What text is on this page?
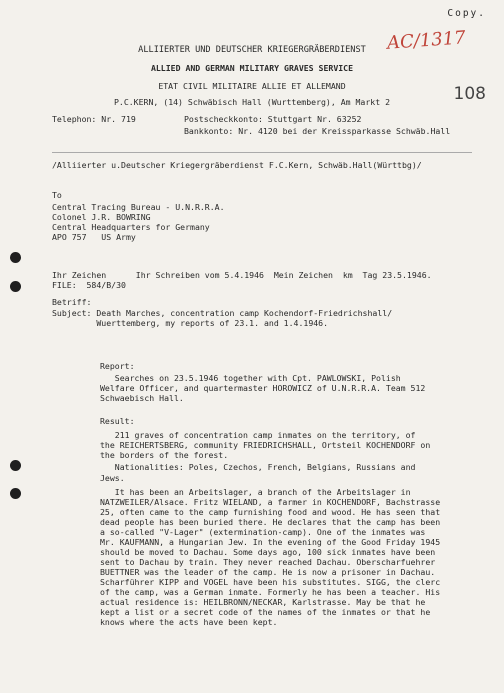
Copy.
AC/1317
108
ALLIIERTER UND DEUTSCHER KRIEGERGRÄBERDIENST
ALLIED AND GERMAN MILITARY GRAVES SERVICE
ETAT CIVIL MILITAIRE ALLIE ET ALLEMAND
P.C.KERN, (14) Schwäbisch Hall (Wurttemberg), Am Markt 2
Telephon: Nr. 719	Postscheckkonto: Stuttgart Nr. 63252
Bankkonto: Nr. 4120 bei der Kreissparkasse Schwäb.Hall
/Alliierter u.Deutscher Kriegergräberdienst F.C.Kern, Schwäb.Hall(Württbg)/
To
Central Tracing Bureau - U.N.R.R.A.
Colonel J.R. BOWRING
Central Headquarters for Germany
APO 757   US Army
Ihr Zeichen      Ihr Schreiben vom 5.4.1946  Mein Zeichen  km  Tag 23.5.1946.
FILE:  584/B/30
Betriff:
Subject: Death Marches, concentration camp Kochendorf-Friedrichshall/
Wuerttemberg, my reports of 23.1. and 1.4.1946.
Report:
Searches on 23.5.1946 together with Cpt. PAWLOWSKI, Polish
Welfare Officer, and quartermaster HOROWICZ of U.N.R.R.A. Team 512
Schwaebisch Hall.
Result:
211 graves of concentration camp inmates on the territory, of
the REICHERTSBERG, community FRIEDRICHSHALL, Ortsteil KOCHENDORF on
the borders of the forest.
Nationalities: Poles, Czechos, French, Belgians, Russians and
Jews.
It has been an Arbeitslager, a branch of the Arbeitslager in
NATZWEILER/Alsace. Fritz WIELAND, a farmer in KOCHENDORF, Bachstrasse
25, often came to the camp furnishing food and wood. He has seen that
dead people has been buried there. He declares that the camp has been
a so-called "V-Lager" (extermination-camp). One of the inmates was
Mr. KAUFMANN, a Hungarian Jew. In the evening of the Good Friday 1945
should be moved to Dachau. Some days ago, 100 sick inmates have been
sent to Dachau by train. They never reached Dachau. Oberscharfuehrer
BUETTNER was the leader of the camp. He is now a prisoner in Dachau.
Scharführer KIPP and VOGEL have been his substitutes. SIGG, the clerc
of the camp, was a German inmate. Formerly he has been a teacher. His
actual residence is: HEILBRONN/NECKAR, Karlstrasse. May be that he
kept a list or a secret code of the names of the inmates or that he
knows where the acts have been kept.
